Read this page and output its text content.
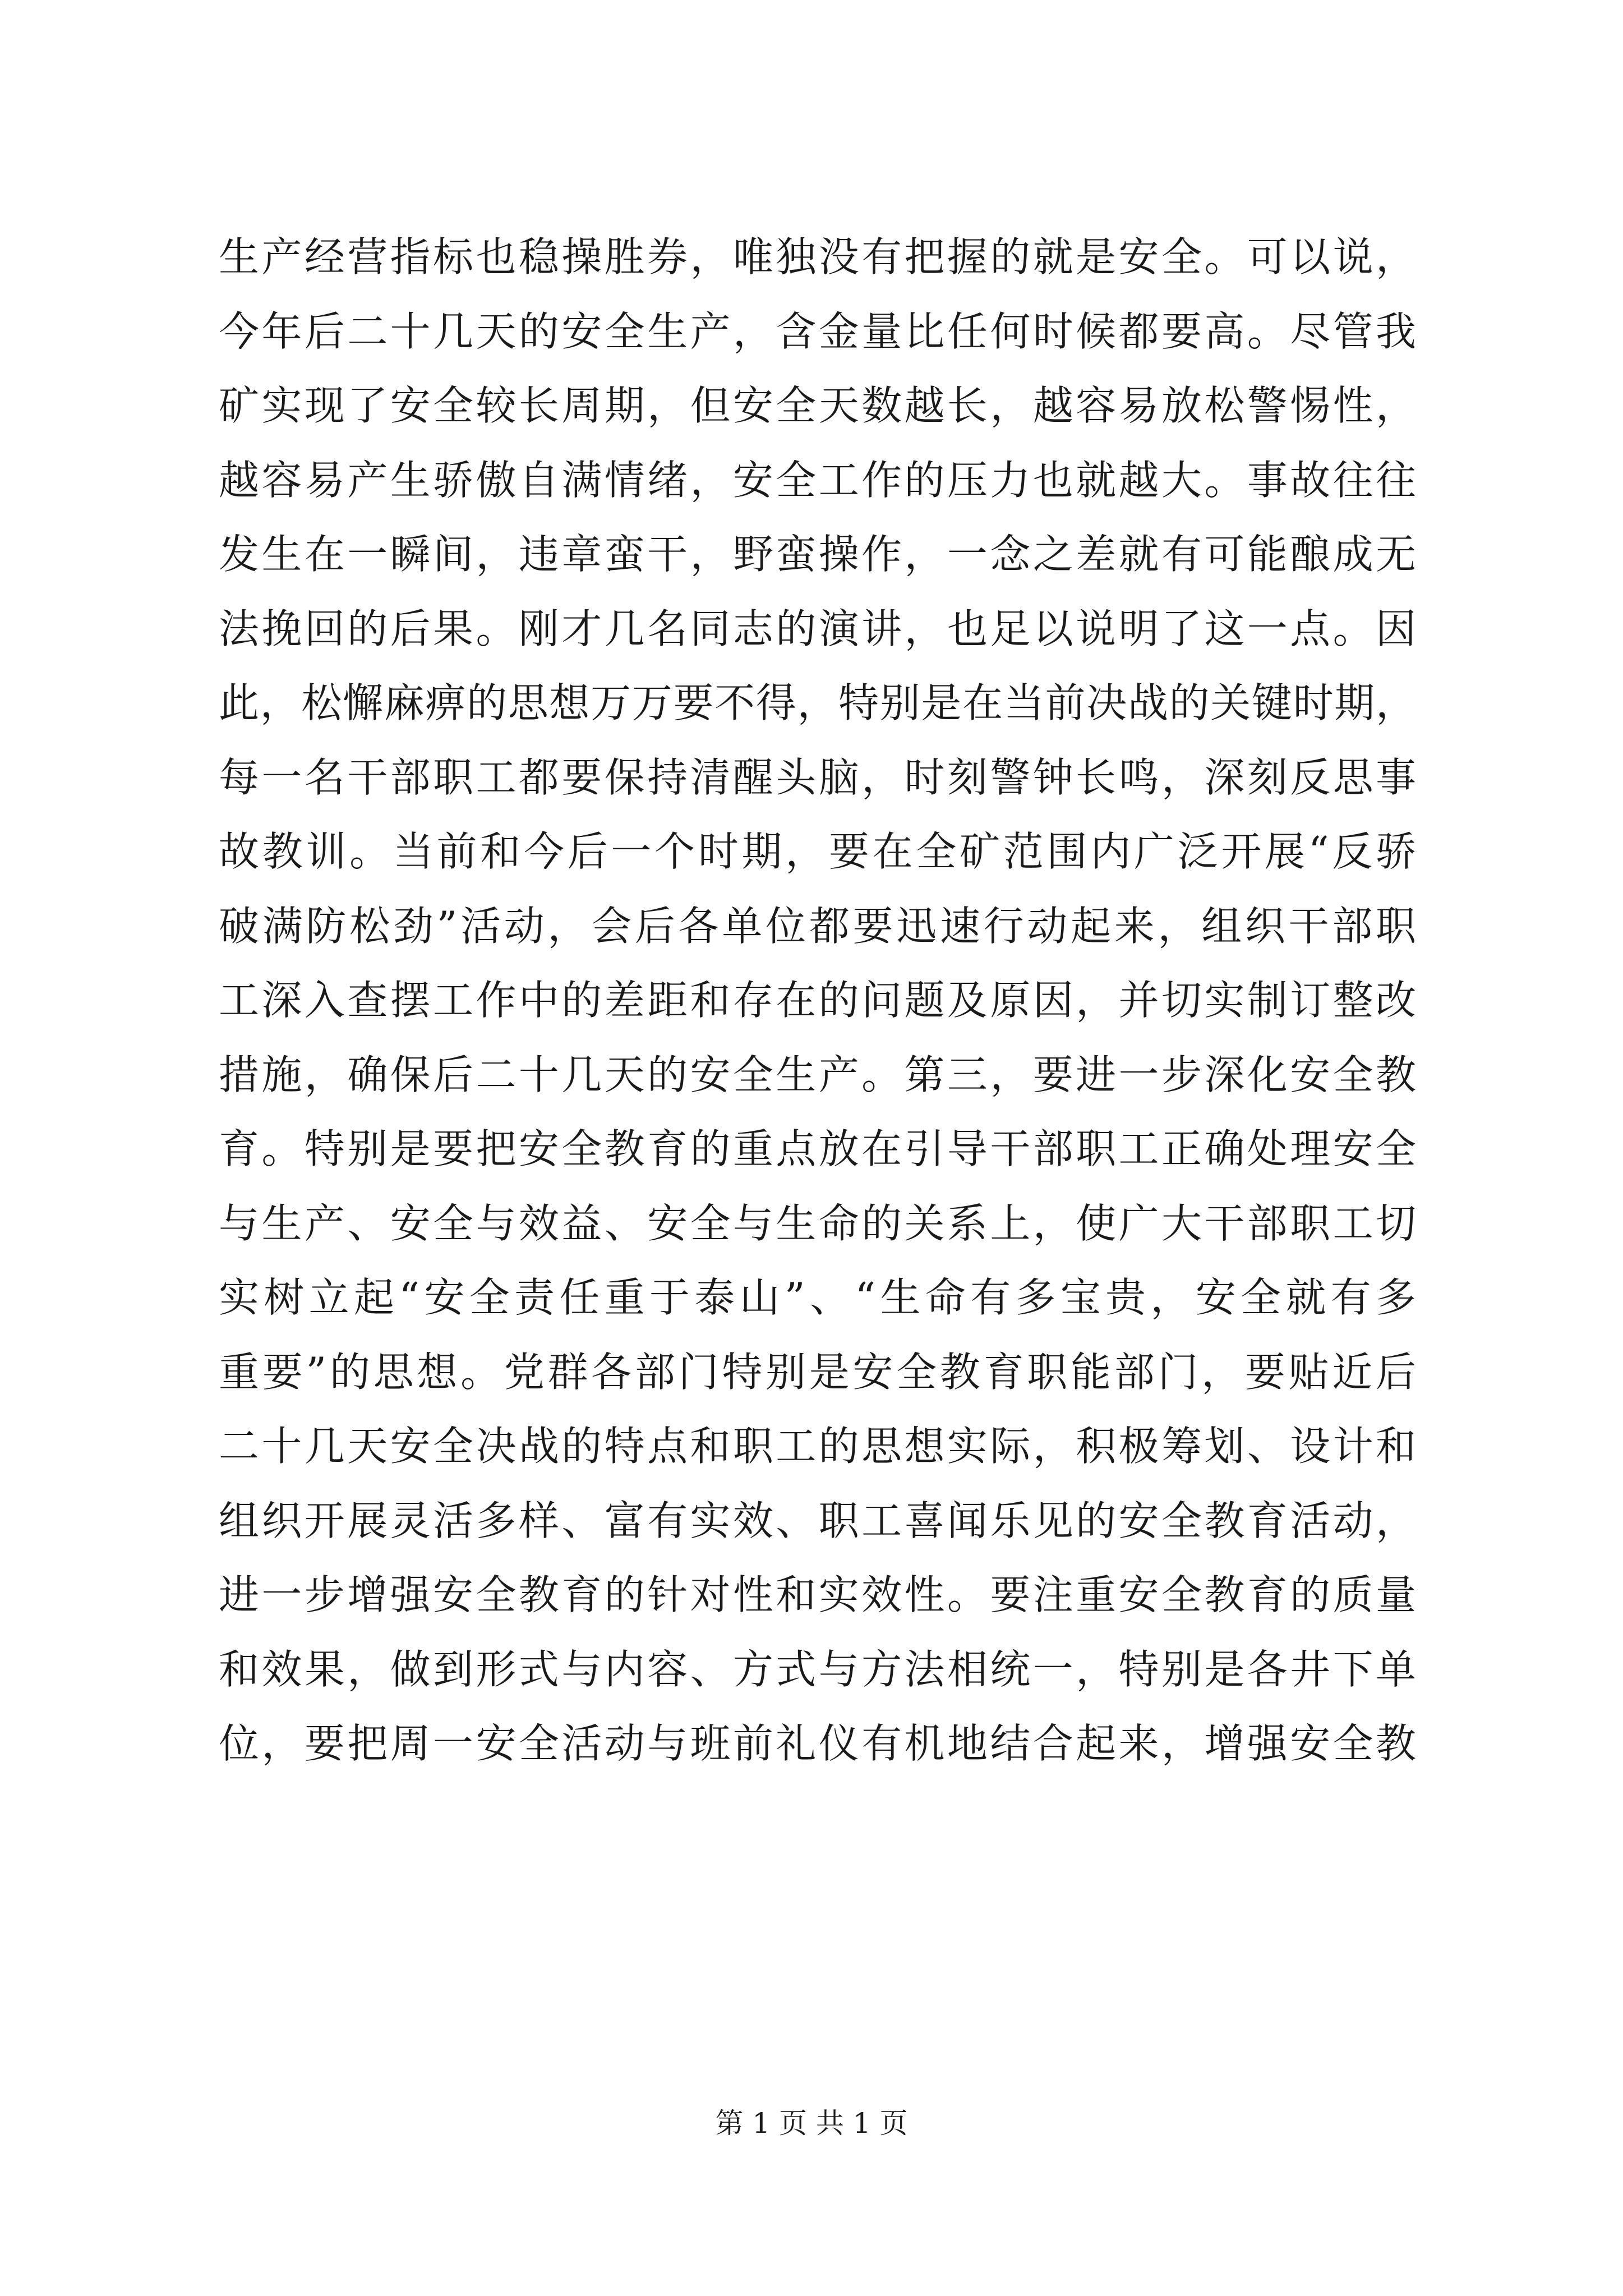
生产经营指标也稳操胜券，唯独没有把握的就是安全。可以说，
今年后二十几天的安全生产，含金量比任何时候都要高。尽管我
矿实现了安全较长周期，但安全天数越长，越容易放松警惕性，
越容易产生骄傲自满情绪，安全工作的压力也就越大。事故往往
发生在一瞬间，违章蛮干，野蛮操作，一念之差就有可能酿成无
法挽回的后果。刚才几名同志的演讲，也足以说明了这一点。因
此，松懈麻痹的思想万万要不得，特别是在当前决战的关键时期，
每一名干部职工都要保持清醒头脑，时刻警钟长鸣，深刻反思事
故教训。当前和今后一个时期，要在全矿范围内广泛开展“反骄
破满防松劲”活动，会后各单位都要迅速行动起来，组织干部职
工深入查摆工作中的差距和存在的问题及原因，并切实制订整改
措施，确保后二十几天的安全生产。第三，要进一步深化安全教
育。特别是要把安全教育的重点放在引导干部职工正确处理安全
与生产、安全与效益、安全与生命的关系上，使广大干部职工切
实树立起“安全责任重于泰山”、“生命有多宝贵，安全就有多
重要”的思想。党群各部门特别是安全教育职能部门，要贴近后
二十几天安全决战的特点和职工的思想实际，积极筹划、设计和
组织开展灵活多样、富有实效、职工喜闻乐见的安全教育活动，
进一步增强安全教育的针对性和实效性。要注重安全教育的质量
和效果，做到形式与内容、方式与方法相统一，特别是各井下单
位，要把周一安全活动与班前礼仪有机地结合起来，增强安全教
第 1 页 共 1 页
